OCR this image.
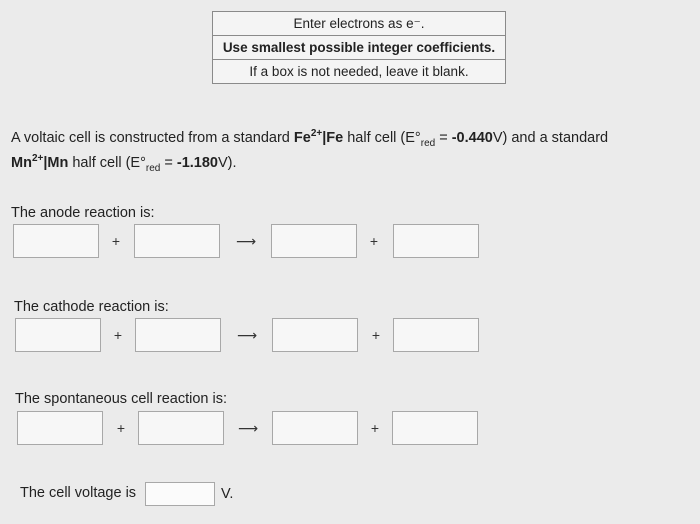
Enter electrons as e⁻.
Use smallest possible integer coefficients.
If a box is not needed, leave it blank.
A voltaic cell is constructed from a standard $Fe^{2+}|Fe$ half cell $(E^\circ_{red} = -0.440V)$ and a standard
$Mn^{2+}|Mn$ half cell $(E^\circ_{red} = -1.180V)$.
The anode reaction is:
+	⟶	+
The cathode reaction is:
+	⟶	+
The spontaneous cell reaction is:
+	⟶	+
The cell voltage is	V.
